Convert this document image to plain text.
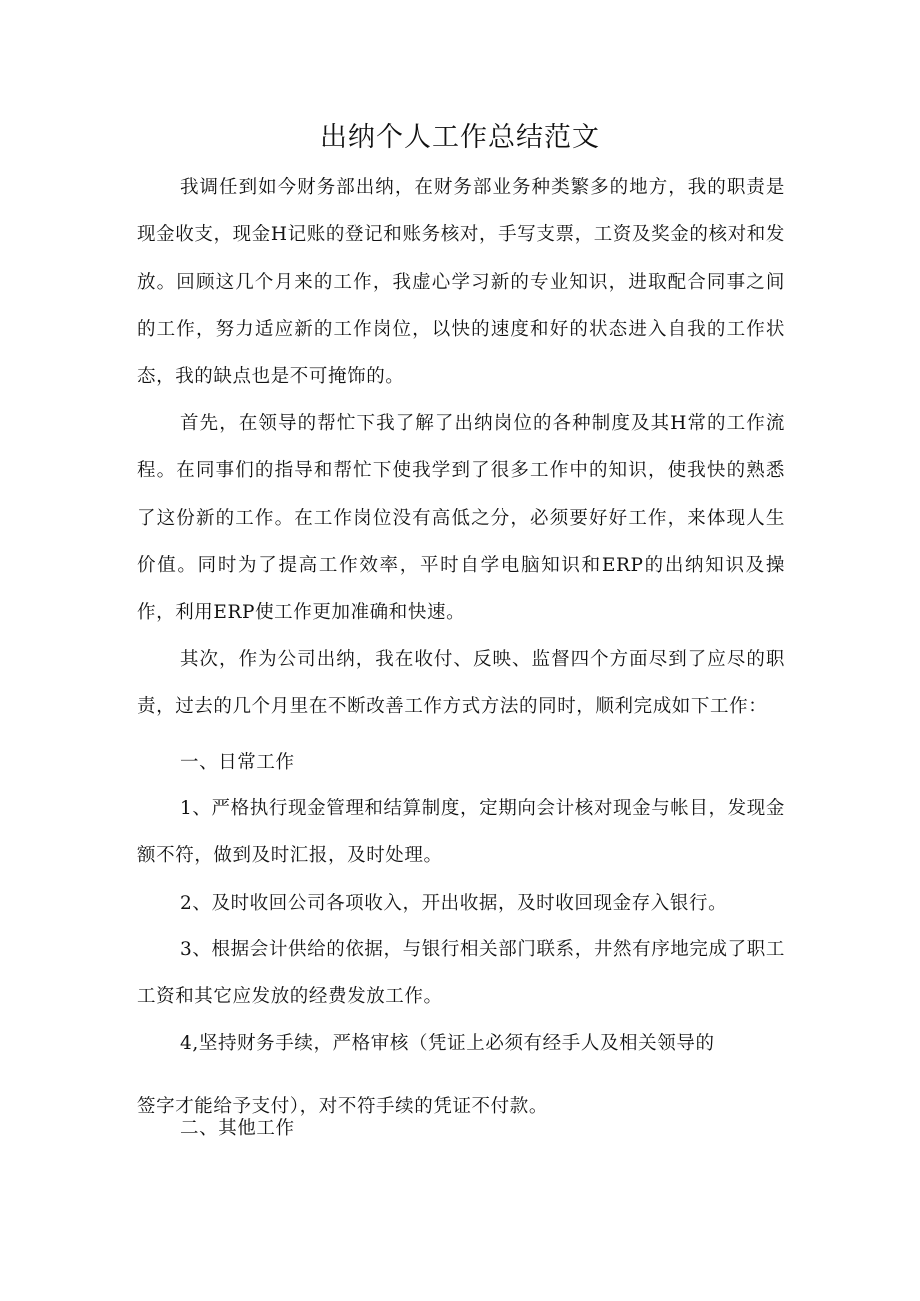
出纳个人工作总结范文

我调任到如今财务部出纳，在财务部业务种类繁多的地方，我的职责是现金收支，现金H记账的登记和账务核对，手写支票，工资及奖金的核对和发放。回顾这几个月来的工作，我虚心学习新的专业知识，进取配合同事之间的工作，努力适应新的工作岗位，以快的速度和好的状态进入自我的工作状态，我的缺点也是不可掩饰的。

首先，在领导的帮忙下我了解了出纳岗位的各种制度及其H常的工作流程。在同事们的指导和帮忙下使我学到了很多工作中的知识，使我快的熟悉了这份新的工作。在工作岗位没有高低之分，必须要好好工作，来体现人生价值。同时为了提高工作效率，平时自学电脑知识和ERP的出纳知识及操作，利用ERP使工作更加准确和快速。

其次，作为公司出纳，我在收付、反映、监督四个方面尽到了应尽的职责，过去的几个月里在不断改善工作方式方法的同时，顺利完成如下工作：

一、日常工作

1、严格执行现金管理和结算制度，定期向会计核对现金与帐目，发现金额不符，做到及时汇报，及时处理。

2、及时收回公司各项收入，开出收据，及时收回现金存入银行。

3、根据会计供给的依据，与银行相关部门联系，井然有序地完成了职工工资和其它应发放的经费发放工作。

4,坚持财务手续，严格审核（凭证上必须有经手人及相关领导的

签字才能给予支付），对不符手续的凭证不付款。

二、其他工作
